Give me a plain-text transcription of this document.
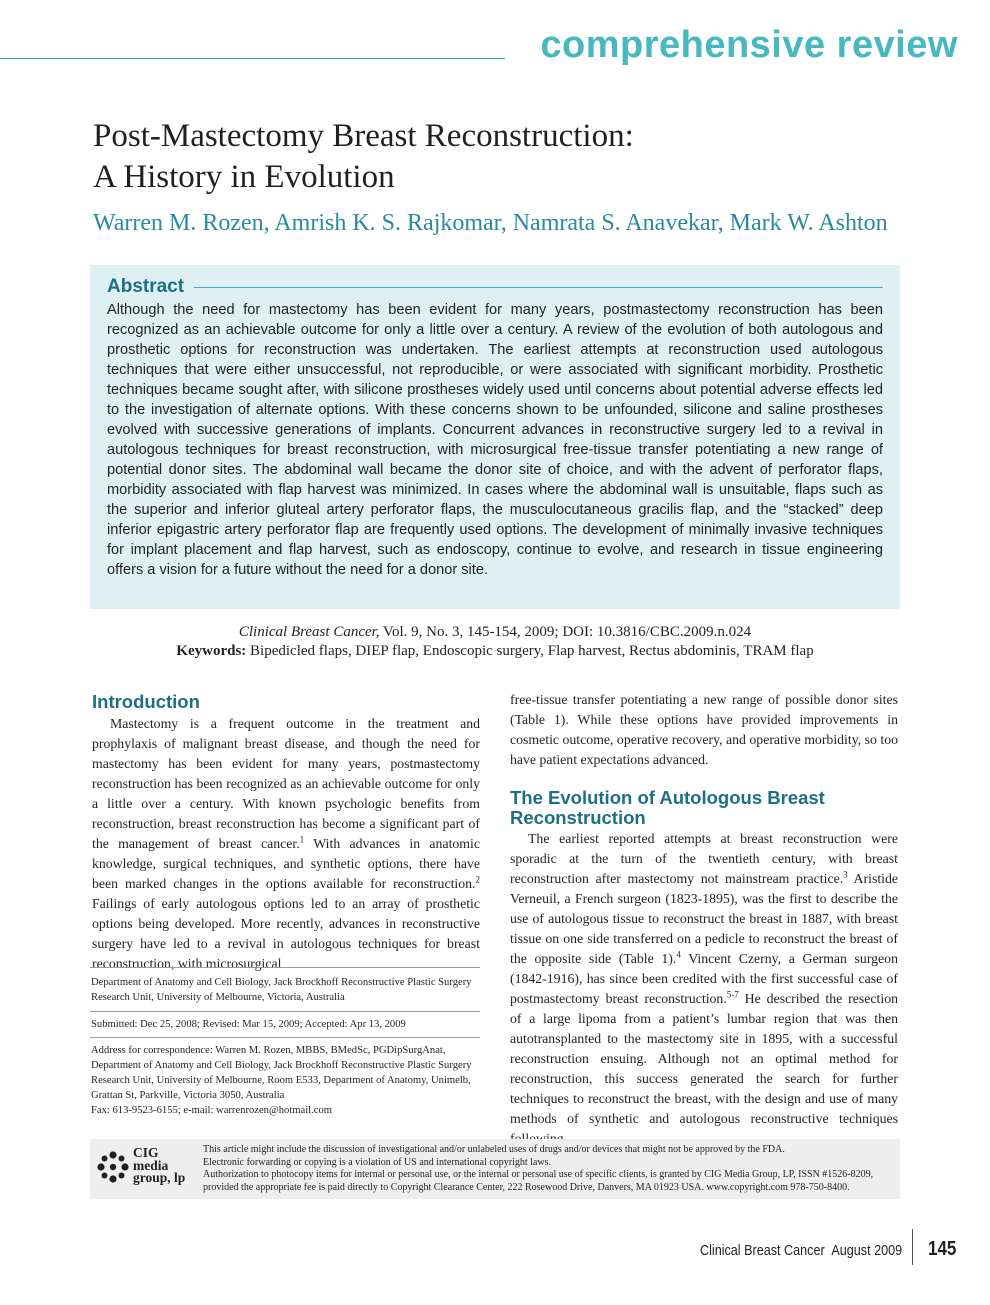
comprehensive review
Post-Mastectomy Breast Reconstruction:
A History in Evolution
Warren M. Rozen, Amrish K. S. Rajkomar, Namrata S. Anavekar, Mark W. Ashton
Abstract
Although the need for mastectomy has been evident for many years, postmastectomy reconstruction has been recognized as an achievable outcome for only a little over a century. A review of the evolution of both autologous and prosthetic options for reconstruction was undertaken. The earliest attempts at reconstruction used autologous techniques that were either unsuccessful, not reproducible, or were associated with significant morbidity. Prosthetic techniques became sought after, with silicone prostheses widely used until concerns about potential adverse effects led to the investigation of alternate options. With these concerns shown to be unfounded, silicone and saline prostheses evolved with successive generations of implants. Concurrent advances in reconstructive surgery led to a revival in autologous techniques for breast reconstruction, with microsurgical free-tissue transfer potentiating a new range of potential donor sites. The abdominal wall became the donor site of choice, and with the advent of perforator flaps, morbidity associated with flap harvest was minimized. In cases where the abdominal wall is unsuitable, flaps such as the superior and inferior gluteal artery perforator flaps, the musculocutaneous gracilis flap, and the “stacked” deep inferior epigastric artery perforator flap are frequently used options. The development of minimally invasive techniques for implant placement and flap harvest, such as endoscopy, continue to evolve, and research in tissue engineering offers a vision for a future without the need for a donor site.
Clinical Breast Cancer, Vol. 9, No. 3, 145-154, 2009; DOI: 10.3816/CBC.2009.n.024
Keywords: Bipedicled flaps, DIEP flap, Endoscopic surgery, Flap harvest, Rectus abdominis, TRAM flap
Introduction
Mastectomy is a frequent outcome in the treatment and prophylaxis of malignant breast disease, and though the need for mastectomy has been evident for many years, postmastectomy reconstruction has been recognized as an achievable outcome for only a little over a century. With known psychologic benefits from reconstruction, breast reconstruction has become a significant part of the management of breast cancer.$^1$ With advances in anatomic knowledge, surgical techniques, and synthetic options, there have been marked changes in the options available for reconstruction.$^2$ Failings of early autologous options led to an array of prosthetic options being developed. More recently, advances in reconstructive surgery have led to a revival in autologous techniques for breast reconstruction, with microsurgical
Department of Anatomy and Cell Biology, Jack Brockhoff Reconstructive Plastic Surgery Research Unit, University of Melbourne, Victoria, Australia
Submitted: Dec 25, 2008; Revised: Mar 15, 2009; Accepted: Apr 13, 2009
Address for correspondence: Warren M. Rozen, MBBS, BMedSc, PGDipSurgAnat, Department of Anatomy and Cell Biology, Jack Brockhoff Reconstructive Plastic Surgery Research Unit, University of Melbourne, Room E533, Department of Anatomy, Unimelb, Grattan St, Parkville, Victoria 3050, Australia
Fax: 613-9523-6155; e-mail: warrenrozen@hotmail.com
free-tissue transfer potentiating a new range of possible donor sites (Table 1). While these options have provided improvements in cosmetic outcome, operative recovery, and operative morbidity, so too have patient expectations advanced.
The Evolution of Autologous Breast Reconstruction
The earliest reported attempts at breast reconstruction were sporadic at the turn of the twentieth century, with breast reconstruction after mastectomy not mainstream practice.$^3$ Aristide Verneuil, a French surgeon (1823-1895), was the first to describe the use of autologous tissue to reconstruct the breast in 1887, with breast tissue on one side transferred on a pedicle to reconstruct the breast of the opposite side (Table 1).$^4$ Vincent Czerny, a German surgeon (1842-1916), has since been credited with the first successful case of postmastectomy breast reconstruction.$^{5-7}$ He described the resection of a large lipoma from a patient’s lumbar region that was then autotransplanted to the mastectomy site in 1895, with a successful reconstruction ensuing. Although not an optimal method for reconstruction, this success generated the search for further techniques to reconstruct the breast, with the design and use of many methods of synthetic and autologous reconstructive techniques
CIG
media
group, lp
This article might include the discussion of investigational and/or unlabeled uses of drugs and/or devices that might not be approved by the FDA.
Electronic forwarding or copying is a violation of US and international copyright laws.
Authorization to photocopy items for internal or personal use, or the internal or personal use of specific clients, is granted by CIG Media Group, LP, ISSN #1526-8209, provided the appropriate fee is paid directly to Copyright Clearance Center, 222 Rosewood Drive, Danvers, MA 01923 USA. www.copyright.com 978-750-8400.
Clinical Breast Cancer August 2009 145
